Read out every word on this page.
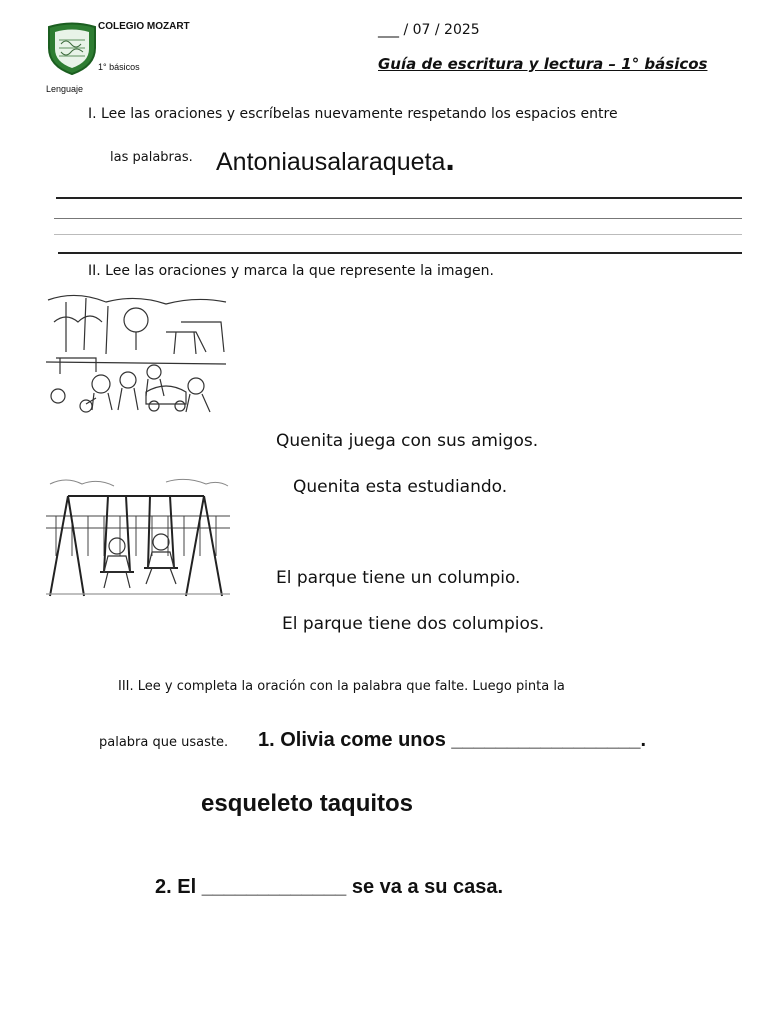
COLEGIO MOZART
1° básicos
Lenguaje
___ / 07 / 2025
Guía de escritura y lectura – 1° básicos
I. Lee las oraciones y escríbelas nuevamente respetando los espacios entre
las palabras. Antoniausalaraqueta.
II. Lee las oraciones y marca la que represente la imagen.
Quenita juega con sus amigos.
Quenita esta estudiando.
El parque tiene un columpio.
El parque tiene dos columpios.
III. Lee y completa la oración con la palabra que falte. Luego pinta la
palabra que usaste. 1. Olivia come unos _________________.
esqueleto taquitos
2. El _____________ se va a su casa.
